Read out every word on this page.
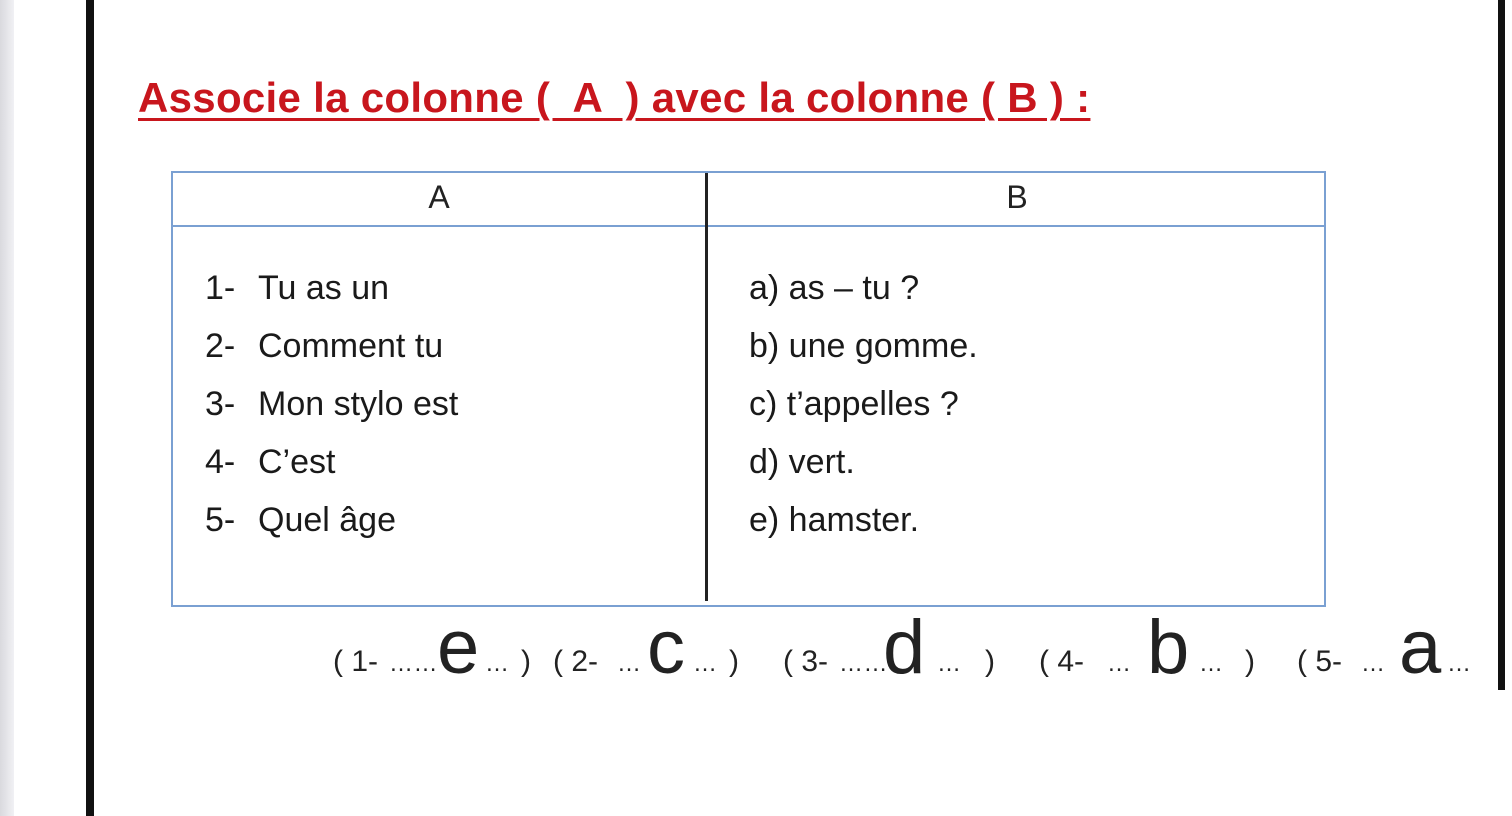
Associe la colonne (  A  ) avec la colonne ( B ) :
A	B
1- Tu as un
2- Comment tu
3- Mon stylo est
4- C’est
5- Quel âge
a) as – tu ?
b) une gomme.
c) t’appelles ?
d) vert.
e) hamster.

( 1-

……

e

…

)

( 2-

…

c

…

)

( 3-

……

d

…

)

( 4-

…

b

…

)

( 5-

…

a

…
